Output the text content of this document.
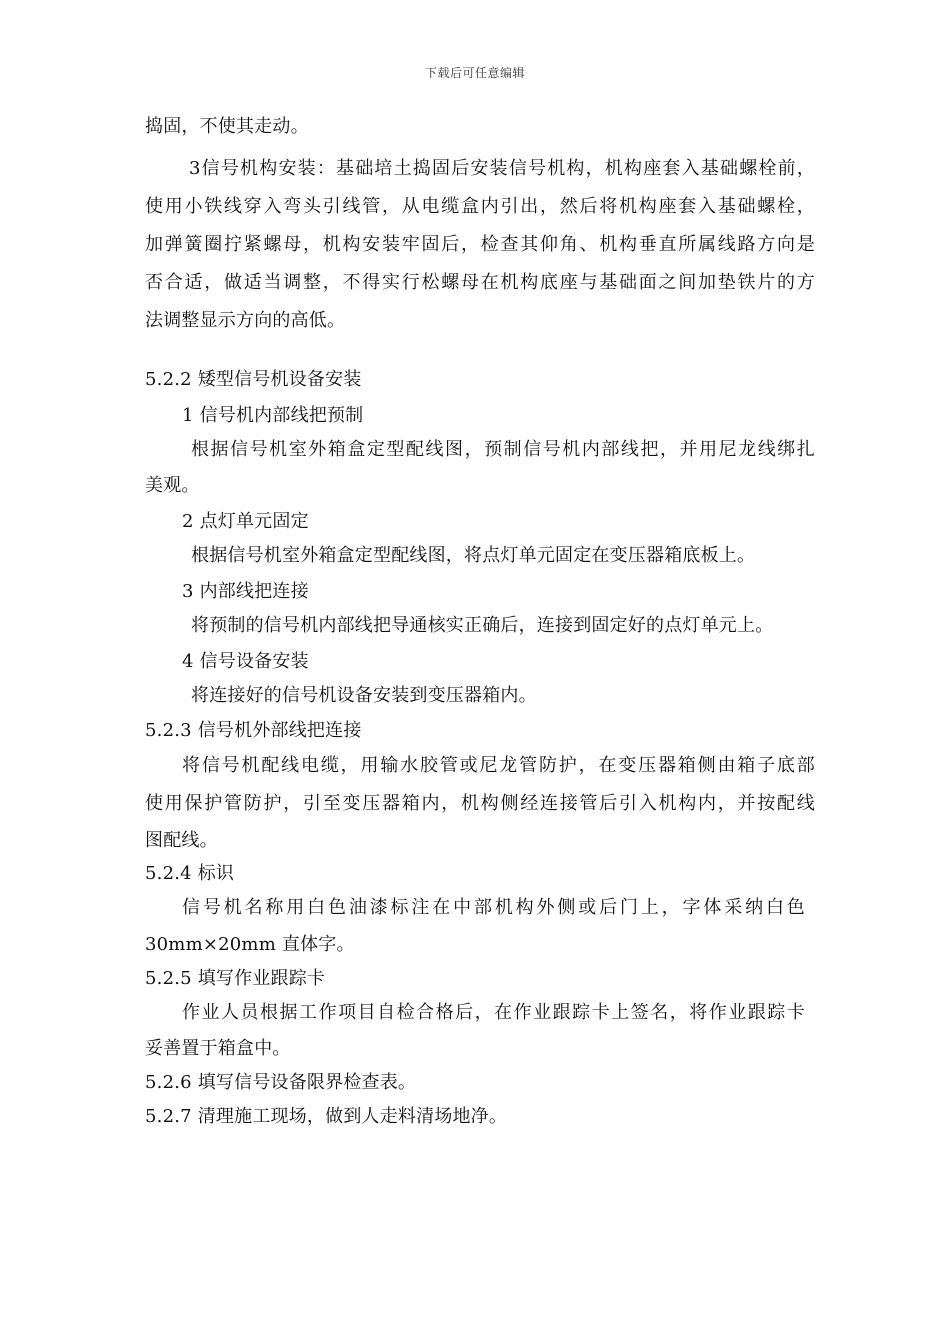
下载后可任意编辑
捣固，不使其走动。
3信号机构安装：基础培土捣固后安装信号机构，机构座套入基础螺栓前，
使用小铁线穿入弯头引线管，从电缆盒内引出，然后将机构座套入基础螺栓，
加弹簧圈拧紧螺母，机构安装牢固后，检查其仰角、机构垂直所属线路方向是
否合适，做适当调整，不得实行松螺母在机构底座与基础面之间加垫铁片的方
法调整显示方向的高低。
5.2.2 矮型信号机设备安装
1 信号机内部线把预制
根据信号机室外箱盒定型配线图，预制信号机内部线把，并用尼龙线绑扎
美观。
2 点灯单元固定
根据信号机室外箱盒定型配线图，将点灯单元固定在变压器箱底板上。
3 内部线把连接
将预制的信号机内部线把导通核实正确后，连接到固定好的点灯单元上。
4 信号设备安装
将连接好的信号机设备安装到变压器箱内。
5.2.3 信号机外部线把连接
将信号机配线电缆，用输水胶管或尼龙管防护，在变压器箱侧由箱子底部
使用保护管防护，引至变压器箱内，机构侧经连接管后引入机构内，并按配线
图配线。
5.2.4 标识
信号机名称用白色油漆标注在中部机构外侧或后门上，字体采纳白色
30mm×20mm 直体字。
5.2.5 填写作业跟踪卡
作业人员根据工作项目自检合格后，在作业跟踪卡上签名，将作业跟踪卡
妥善置于箱盒中。
5.2.6 填写信号设备限界检查表。
5.2.7 清理施工现场，做到人走料清场地净。
